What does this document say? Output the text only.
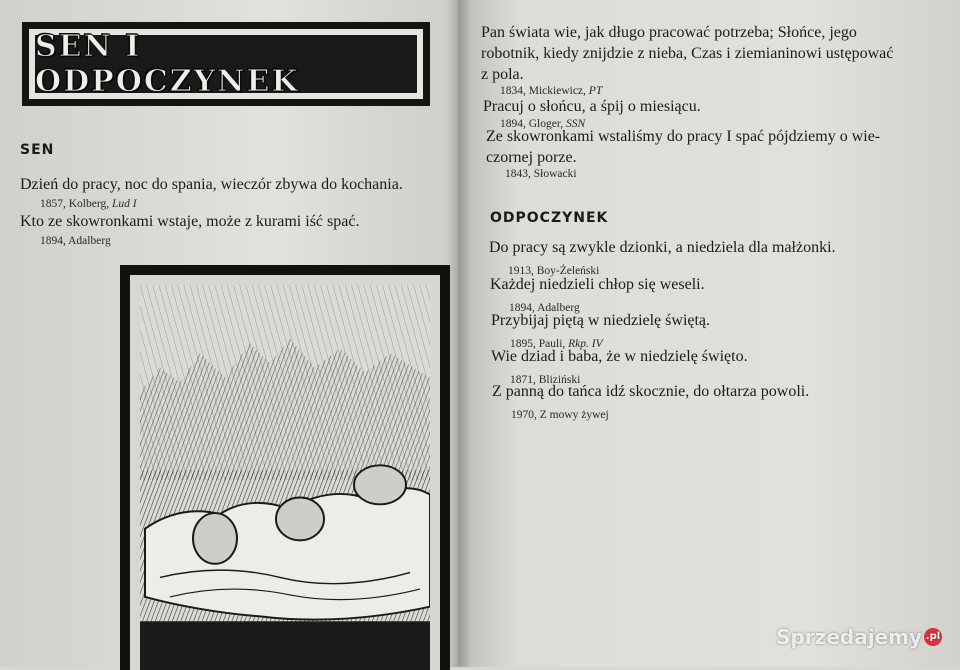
SEN I ODPOCZYNEK
SEN
Dzień do pracy, noc do spania, wieczór zbywa do kochania.
1857, Kolberg, Lud I
Kto ze skowronkami wstaje, może z kurami iść spać.
1894, Adalberg
Pan świata wie, jak długo pracować potrzeba; Słońce, jego
robotnik, kiedy znijdzie z nieba, Czas i ziemianinowi ustępować
z pola.
1834, Mickiewicz, PT
Pracuj o słońcu, a śpij o miesiącu.
1894, Gloger, SSN
Ze skowronkami wstaliśmy do pracy I spać pójdziemy o wie-
czornej porze.
1843, Słowacki
ODPOCZYNEK
Do pracy są zwykle dzionki, a niedziela dla małżonki.
1913, Boy-Żeleński
Każdej niedzieli chłop się weseli.
1894, Adalberg
Przybijaj piętą w niedzielę świętą.
1895, Pauli, Rkp. IV
Wie dziad i baba, że w niedzielę święto.
1871, Bliziński
Z panną do tańca idź skocznie, do ołtarza powoli.
1970, Z mowy żywej
Sprzedajemy .pl
